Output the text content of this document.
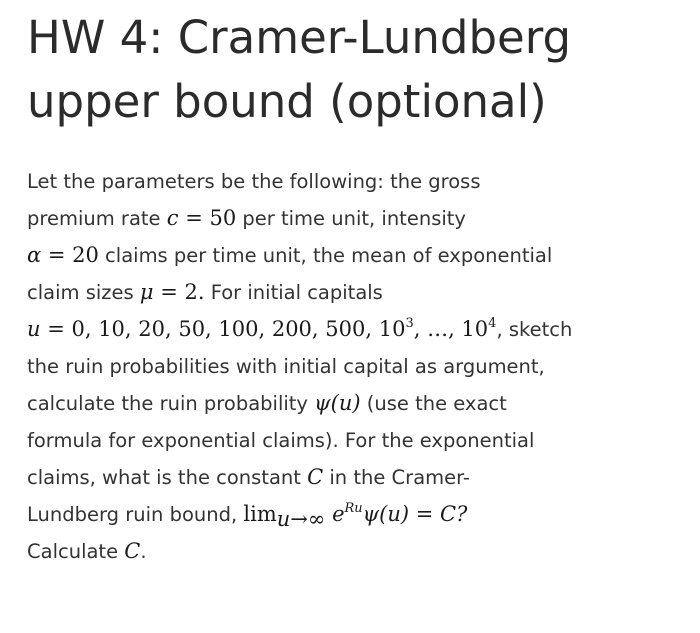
HW 4: Cramer-Lundberg
upper bound (optional)
Let the parameters be the following: the gross
premium rate c = 50 per time unit, intensity
α = 20 claims per time unit, the mean of exponential
claim sizes μ = 2. For initial capitals
u = 0, 10, 20, 50, 100, 200, 500, $10^3$, …, $10^4$, sketch
the ruin probabilities with initial capital as argument,
calculate the ruin probability ψ(u) (use the exact
formula for exponential claims). For the exponential
claims, what is the constant C in the Cramer-
Lundberg ruin bound, $\lim_{u\to\infty} e^{Ru}\psi(u) = C$?
Calculate C.
